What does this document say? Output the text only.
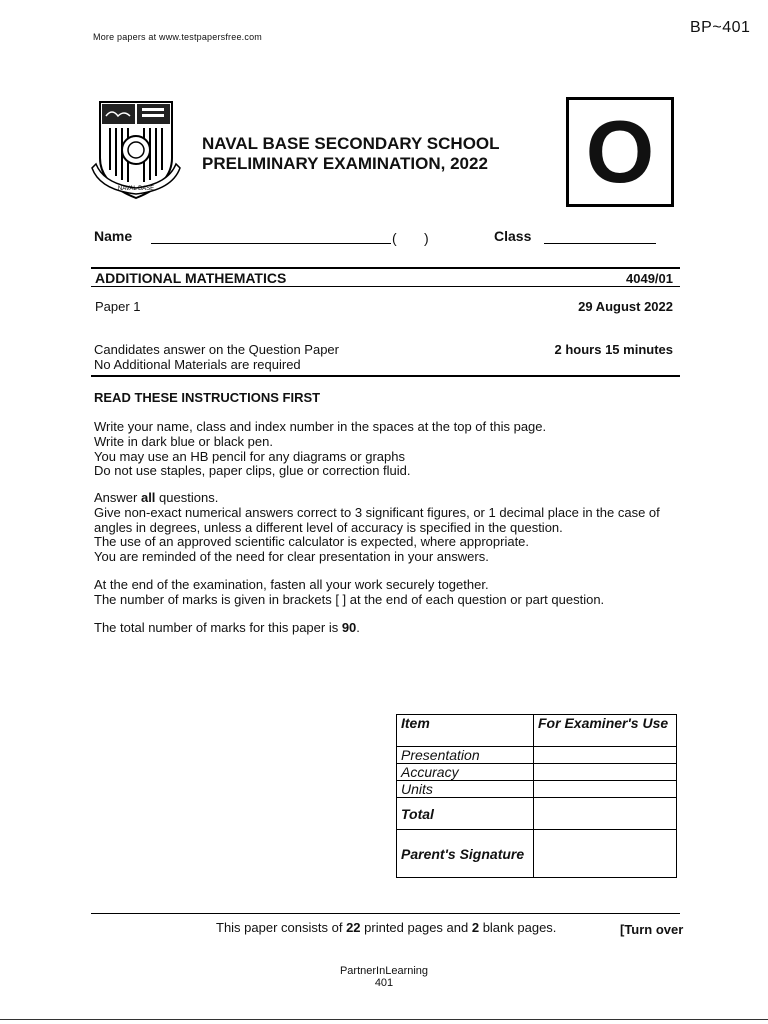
More papers at www.testpapersfree.com
BP~401
NAVAL BASE
NAVAL BASE SECONDARY SCHOOL
PRELIMINARY EXAMINATION, 2022 O
Name	( )	Class
ADDITIONAL MATHEMATICS	4049/01
Paper 1	29 August 2022
Candidates answer on the Question Paper
No Additional Materials are required
2 hours 15 minutes
READ THESE INSTRUCTIONS FIRST
Write your name, class and index number in the spaces at the top of this page.
Write in dark blue or black pen.
You may use an HB pencil for any diagrams or graphs
Do not use staples, paper clips, glue or correction fluid.
Answer all questions.
Give non-exact numerical answers correct to 3 significant figures, or 1 decimal place in the case of
angles in degrees, unless a different level of accuracy is specified in the question.
The use of an approved scientific calculator is expected, where appropriate.
You are reminded of the need for clear presentation in your answers.
At the end of the examination, fasten all your work securely together.
The number of marks is given in brackets [ ] at the end of each question or part question.
The total number of marks for this paper is 90.
Item	For Examiner's Use
Presentation	
Accuracy	
Units	
Total	
Parent's Signature	
This paper consists of 22 printed pages and 2 blank pages.	[Turn over
PartnerInLearning
401
